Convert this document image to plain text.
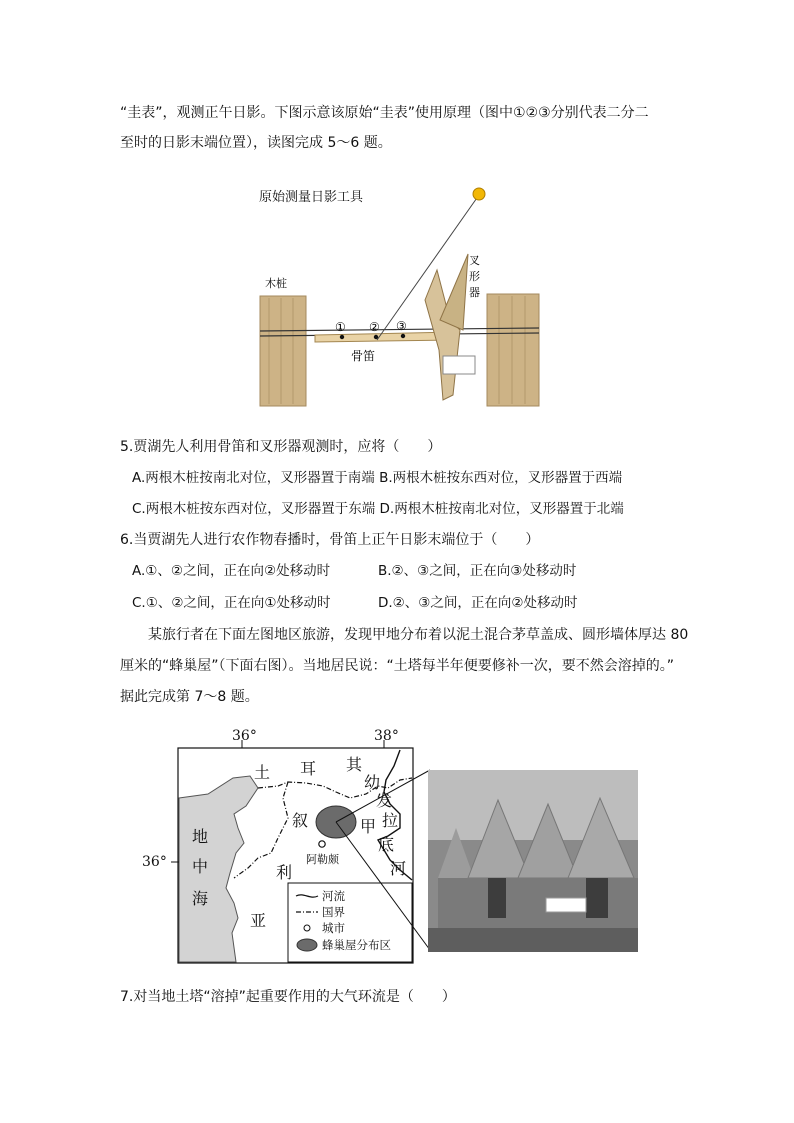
“圭表”，观测正午日影。下图示意该原始“圭表”使用原理（图中①②③分别代表二分二
至时的日影末端位置），读图完成 5～6 题。
原始测量日影工具
① ② ③
骨笛
木桩
叉
形
器
5.贾湖先人利用骨笛和叉形器观测时，应将（　　）
A.两根木桩按南北对位，叉形器置于南端 B.两根木桩按东西对位，叉形器置于西端
C.两根木桩按东西对位，叉形器置于东端 D.两根木桩按南北对位，叉形器置于北端
6.当贾湖先人进行农作物春播时，骨笛上正午日影末端位于（　　）
A.①、②之间，正在向②处移动时	B.②、③之间，正在向③处移动时
C.①、②之间，正在向①处移动时	D.②、③之间，正在向②处移动时
某旅行者在下面左图地区旅游，发现甲地分布着以泥土混合茅草盖成、圆形墙体厚达 80
厘米的“蜂巢屋”（下面右图）。当地居民说：“土塔每半年便要修补一次，要不然会溶掉的。”
据此完成第 7～8 题。
36°	38°
36°
地
中
海
土 耳 其
叙
利
亚
幼
发
拉
底
河
甲
阿勒颇
河流
国界
城市
蜂巢屋分布区
7.对当地土塔“溶掉”起重要作用的大气环流是（　　）
